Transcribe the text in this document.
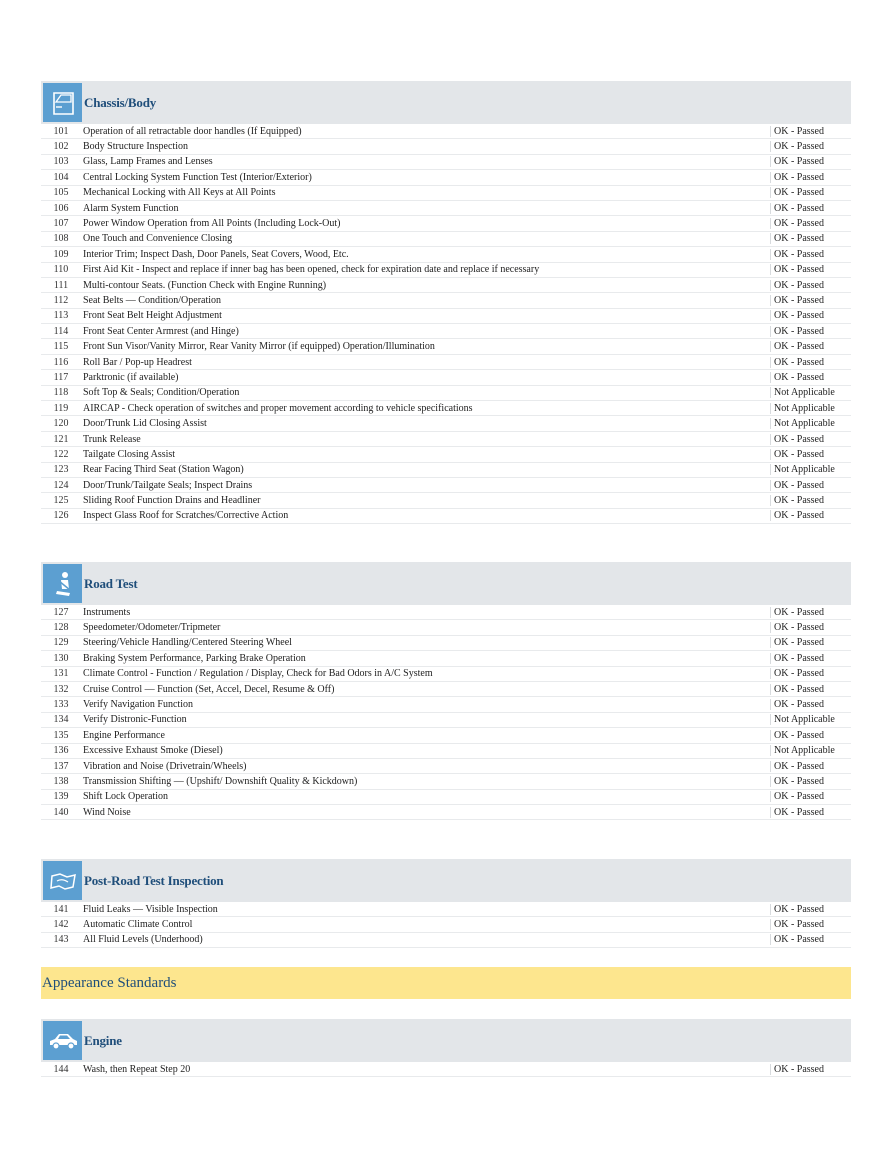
Chassis/Body
101	Operation of all retractable door handles (If Equipped)	OK - Passed
102	Body Structure Inspection	OK - Passed
103	Glass, Lamp Frames and Lenses	OK - Passed
104	Central Locking System Function Test (Interior/Exterior)	OK - Passed
105	Mechanical Locking with All Keys at All Points	OK - Passed
106	Alarm System Function	OK - Passed
107	Power Window Operation from All Points (Including Lock-Out)	OK - Passed
108	One Touch and Convenience Closing	OK - Passed
109	Interior Trim; Inspect Dash, Door Panels, Seat Covers, Wood, Etc.	OK - Passed
110	First Aid Kit - Inspect and replace if inner bag has been opened, check for expiration date and replace if necessary	OK - Passed
111	Multi-contour Seats. (Function Check with Engine Running)	OK - Passed
112	Seat Belts — Condition/Operation	OK - Passed
113	Front Seat Belt Height Adjustment	OK - Passed
114	Front Seat Center Armrest (and Hinge)	OK - Passed
115	Front Sun Visor/Vanity Mirror, Rear Vanity Mirror (if equipped) Operation/Illumination	OK - Passed
116	Roll Bar / Pop-up Headrest	OK - Passed
117	Parktronic (if available)	OK - Passed
118	Soft Top & Seals; Condition/Operation	Not Applicable
119	AIRCAP - Check operation of switches and proper movement according to vehicle specifications	Not Applicable
120	Door/Trunk Lid Closing Assist	Not Applicable
121	Trunk Release	OK - Passed
122	Tailgate Closing Assist	OK - Passed
123	Rear Facing Third Seat (Station Wagon)	Not Applicable
124	Door/Trunk/Tailgate Seals; Inspect Drains	OK - Passed
125	Sliding Roof Function Drains and Headliner	OK - Passed
126	Inspect Glass Roof for Scratches/Corrective Action	OK - Passed
Road Test
127	Instruments	OK - Passed
128	Speedometer/Odometer/Tripmeter	OK - Passed
129	Steering/Vehicle Handling/Centered Steering Wheel	OK - Passed
130	Braking System Performance, Parking Brake Operation	OK - Passed
131	Climate Control - Function / Regulation / Display, Check for Bad Odors in A/C System	OK - Passed
132	Cruise Control — Function (Set, Accel, Decel, Resume & Off)	OK - Passed
133	Verify Navigation Function	OK - Passed
134	Verify Distronic-Function	Not Applicable
135	Engine Performance	OK - Passed
136	Excessive Exhaust Smoke (Diesel)	Not Applicable
137	Vibration and Noise (Drivetrain/Wheels)	OK - Passed
138	Transmission Shifting — (Upshift/ Downshift Quality & Kickdown)	OK - Passed
139	Shift Lock Operation	OK - Passed
140	Wind Noise	OK - Passed
Post-Road Test Inspection
141	Fluid Leaks — Visible Inspection	OK - Passed
142	Automatic Climate Control	OK - Passed
143	All Fluid Levels (Underhood)	OK - Passed
Appearance Standards
Engine
144	Wash, then Repeat Step 20	OK - Passed
